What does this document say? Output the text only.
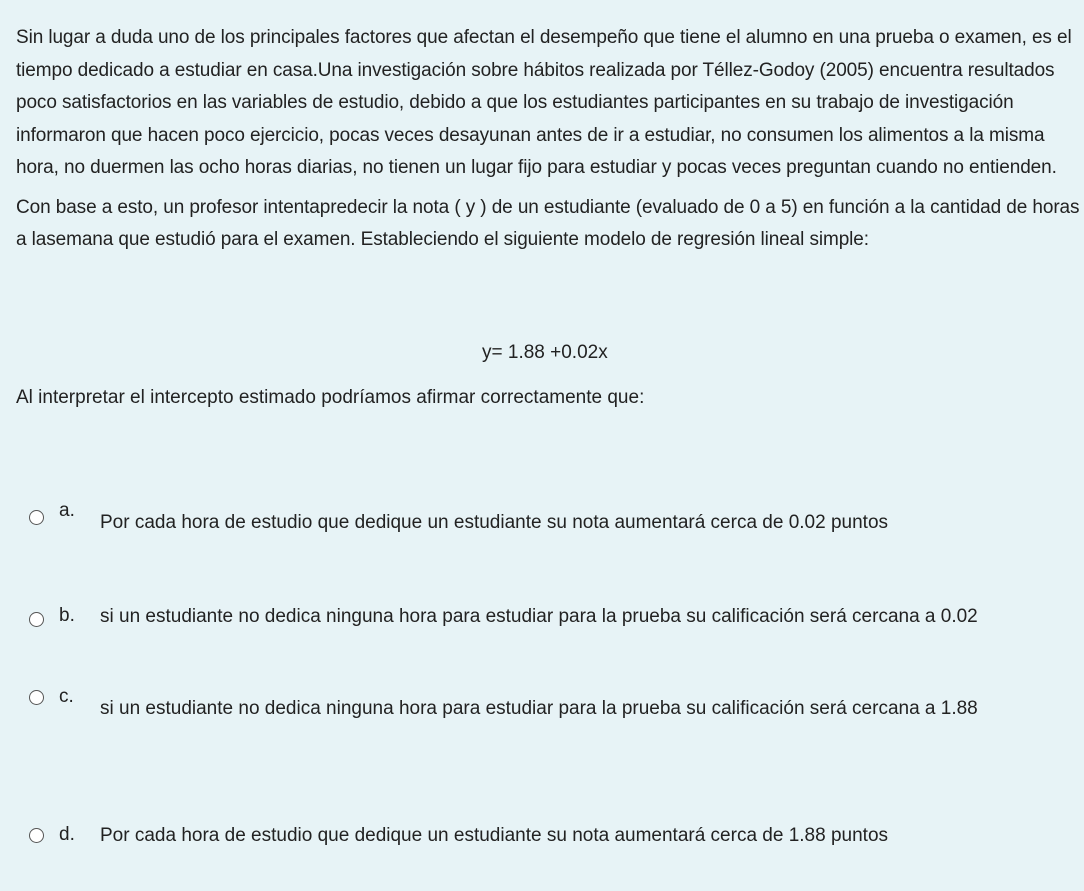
Sin lugar a duda uno de los principales factores que afectan el desempeño que tiene el alumno en una prueba o examen, es el tiempo dedicado a estudiar en casa.Una investigación sobre hábitos realizada por Téllez-Godoy (2005) encuentra resultados poco satisfactorios en las variables de estudio, debido a que los estudiantes participantes en su trabajo de investigación informaron que hacen poco ejercicio, pocas veces desayunan antes de ir a estudiar, no consumen los alimentos a la misma hora, no duermen las ocho horas diarias, no tienen un lugar fijo para estudiar y pocas veces preguntan cuando no entienden.

Con base a esto, un profesor intentapredecir la nota ( y ) de un estudiante (evaluado de 0 a 5) en función a la cantidad de horas a lasemana que estudió para el examen. Estableciendo el siguiente modelo de regresión lineal simple:

y= 1.88 +0.02x
Al interpretar el intercepto estimado podríamos afirmar correctamente que:
a.
Por cada hora de estudio que dedique un estudiante su nota aumentará cerca de 0.02 puntos
b. si un estudiante no dedica ninguna hora para estudiar para la prueba su calificación será cercana a 0.02
c.
si un estudiante no dedica ninguna hora para estudiar para la prueba su calificación será cercana a 1.88
d. Por cada hora de estudio que dedique un estudiante su nota aumentará cerca de 1.88 puntos
